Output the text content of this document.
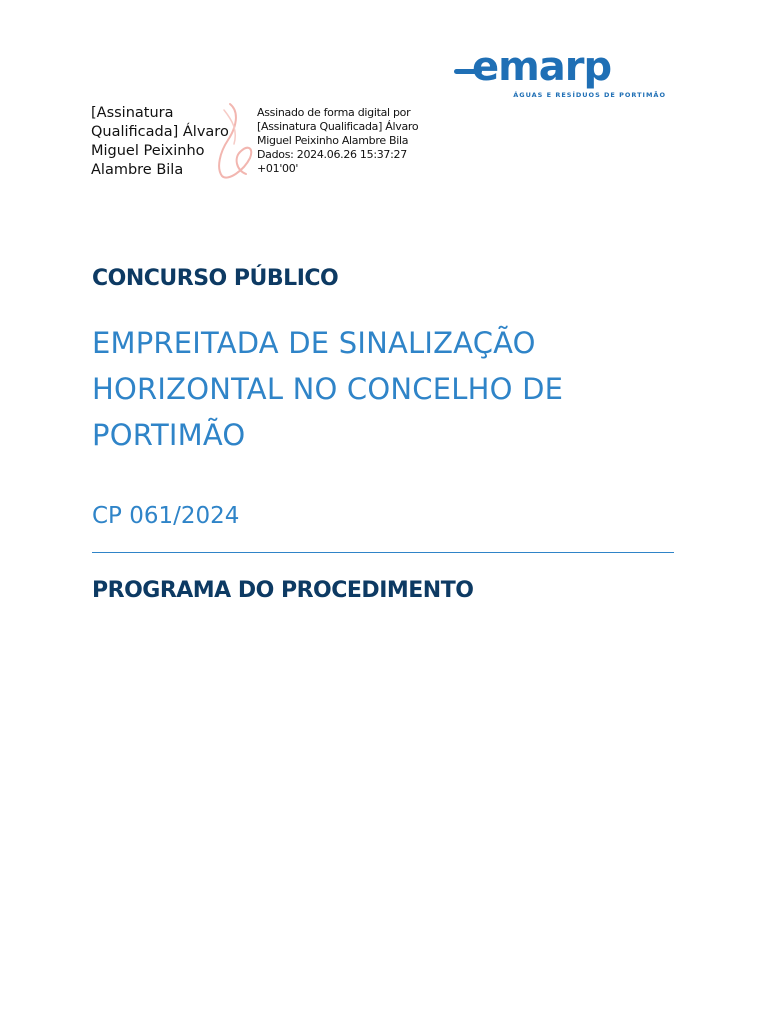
emarp
ÁGUAS E RESÍDUOS DE PORTIMÃO
[Assinatura
Qualificada] Álvaro
Miguel Peixinho
Alambre Bila
Assinado de forma digital por
[Assinatura Qualificada] Álvaro
Miguel Peixinho Alambre Bila
Dados: 2024.06.26 15:37:27
+01'00'
CONCURSO PÚBLICO
EMPREITADA DE SINALIZAÇÃO
HORIZONTAL NO CONCELHO DE
PORTIMÃO
CP 061/2024
PROGRAMA DO PROCEDIMENTO
